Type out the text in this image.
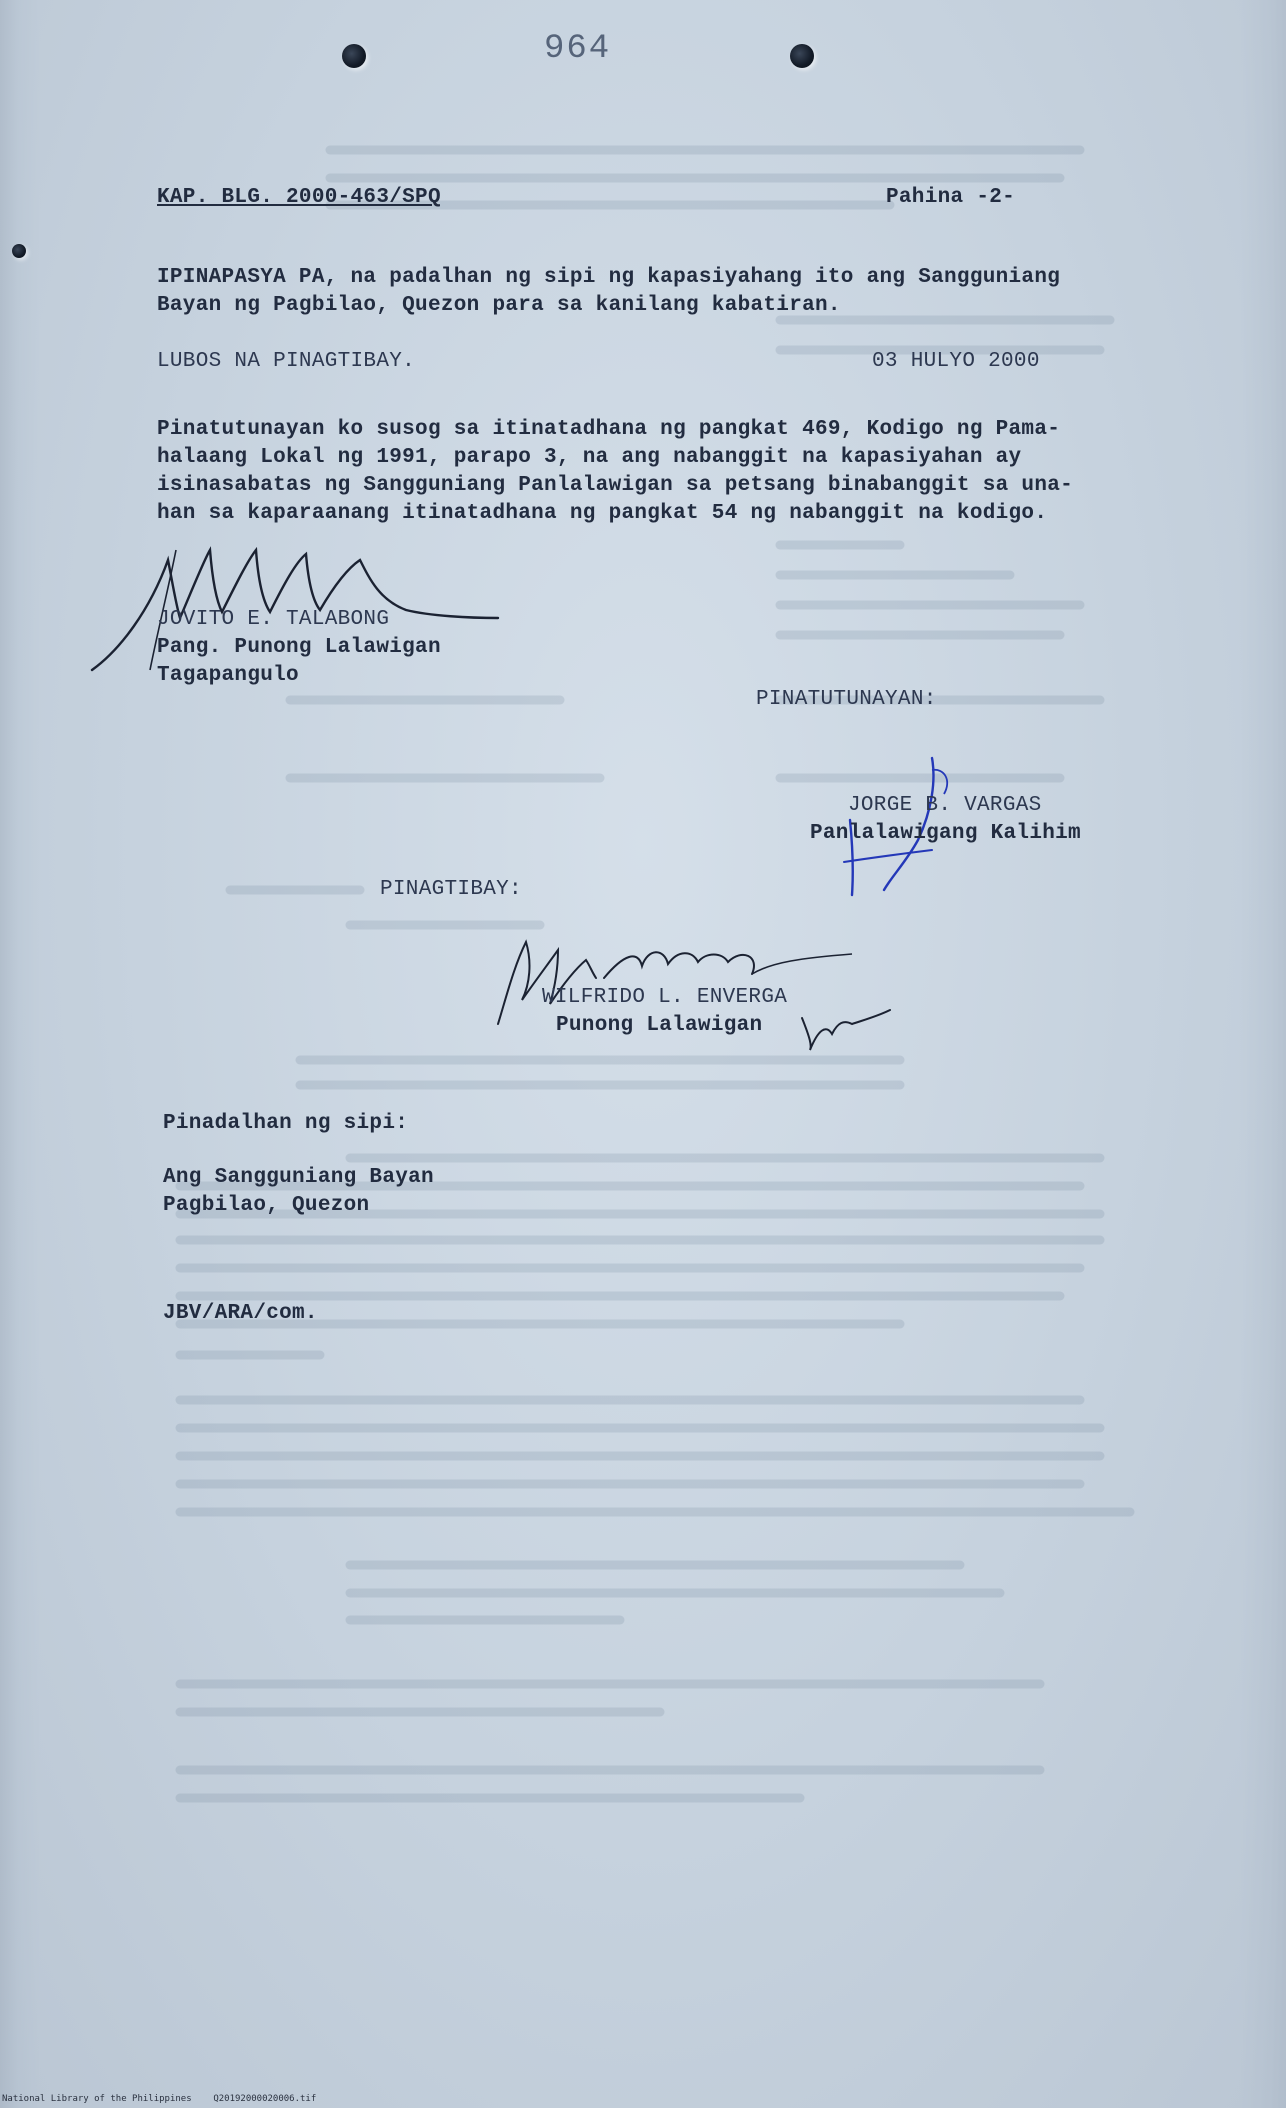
964
KAP. BLG. 2000-463/SPQ	Pahina -2-
IPINAPASYA PA, na padalhan ng sipi ng kapasiyahang ito ang Sangguniang
Bayan ng Pagbilao, Quezon para sa kanilang kabatiran.
LUBOS NA PINAGTIBAY.	03 HULYO 2000
Pinatutunayan ko susog sa itinatadhana ng pangkat 469, Kodigo ng Pama-
halaang Lokal ng 1991, parapo 3, na ang nabanggit na kapasiyahan ay
isinasabatas ng Sangguniang Panlalawigan sa petsang binabanggit sa una-
han sa kaparaanang itinatadhana ng pangkat 54 ng nabanggit na kodigo.
JOVITO E. TALABONG
Pang. Punong Lalawigan
Tagapangulo
PINATUTUNAYAN:
JORGE B. VARGAS
Panlalawigang Kalihim
PINAGTIBAY:
WILFRIDO L. ENVERGA
Punong Lalawigan
Pinadalhan ng sipi:
Ang Sangguniang Bayan
Pagbilao, Quezon
JBV/ARA/com.
National Library of the Philippines    Q20192000020006.tif
